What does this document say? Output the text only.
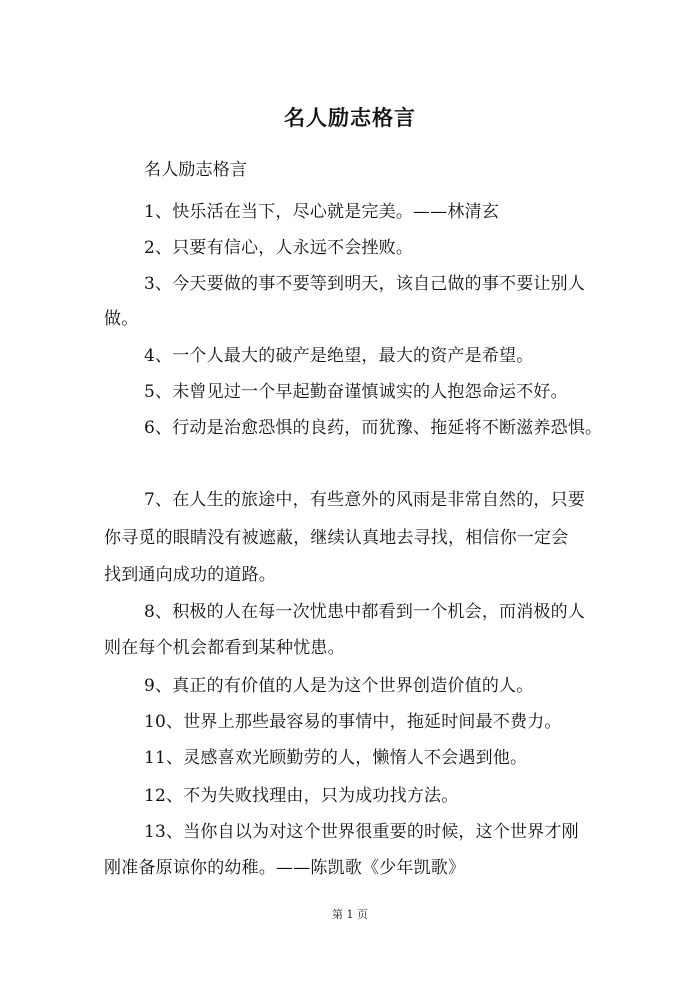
名人励志格言
名人励志格言
1、快乐活在当下，尽心就是完美。——林清玄
2、只要有信心，人永远不会挫败。
3、今天要做的事不要等到明天，该自己做的事不要让别人
做。
4、一个人最大的破产是绝望，最大的资产是希望。
5、未曾见过一个早起勤奋谨慎诚实的人抱怨命运不好。
6、行动是治愈恐惧的良药，而犹豫、拖延将不断滋养恐惧。
7、在人生的旅途中，有些意外的风雨是非常自然的，只要
你寻觅的眼睛没有被遮蔽，继续认真地去寻找，相信你一定会
找到通向成功的道路。
8、积极的人在每一次忧患中都看到一个机会，而消极的人
则在每个机会都看到某种忧患。
9、真正的有价值的人是为这个世界创造价值的人。
10、世界上那些最容易的事情中，拖延时间最不费力。
11、灵感喜欢光顾勤劳的人，懒惰人不会遇到他。
12、不为失败找理由，只为成功找方法。
13、当你自以为对这个世界很重要的时候，这个世界才刚
刚准备原谅你的幼稚。——陈凯歌《少年凯歌》
第 1 页
